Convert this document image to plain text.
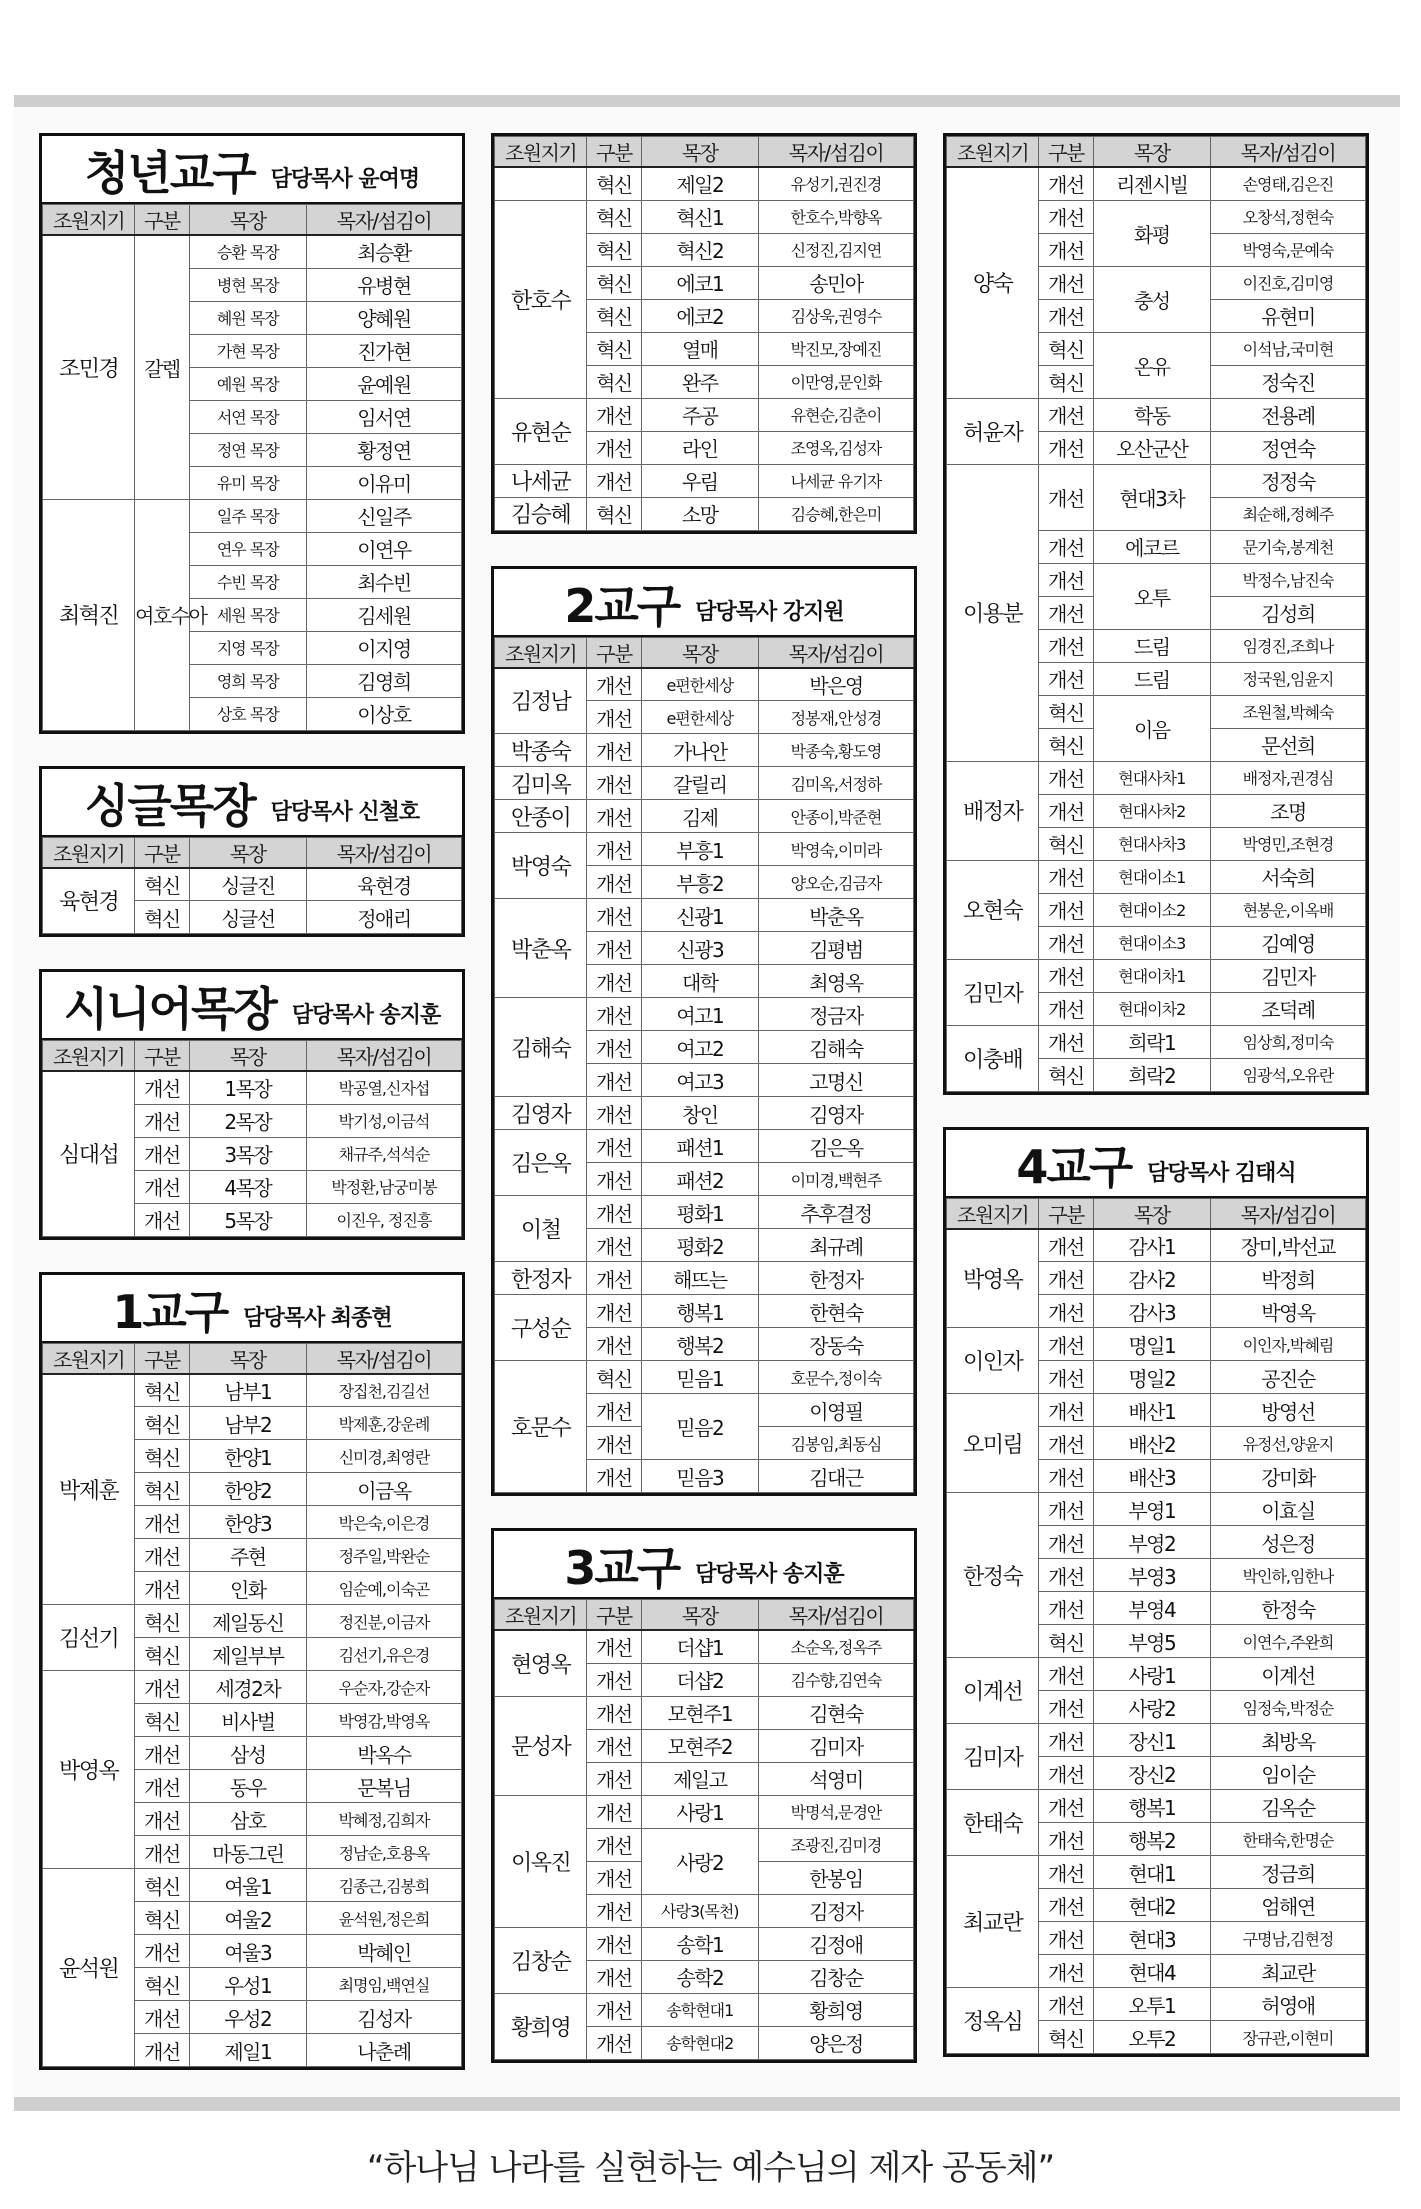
청년교구 담당목사 윤여명
조원지기	구분	목장	목자/섬김이
조민경	갈렙	승환 목장	최승환
		병현 목장	유병현
		혜원 목장	양혜원
		가현 목장	진가현
		예원 목장	윤예원
		서연 목장	임서연
		정연 목장	황정연
		유미 목장	이유미
최혁진	여호수아	일주 목장	신일주
		연우 목장	이연우
		수빈 목장	최수빈
		세원 목장	김세원
		지영 목장	이지영
		영희 목장	김영희
		상호 목장	이상호
싱글목장 담당목사 신철호
조원지기	구분	목장	목자/섬김이
육현경	혁신	싱글진	육현경
	혁신	싱글선	정애리
시니어목장 담당목사 송지훈
조원지기	구분	목장	목자/섬김이
심대섭	개선	1목장	박공열,신자섭
	개선	2목장	박기성,이금석
	개선	3목장	채규주,석석순
	개선	4목장	박정환,남궁미봉
	개선	5목장	이진우, 정진흥
1교구 담당목사 최종현
조원지기	구분	목장	목자/섬김이
박제훈	혁신	남부1	장집천,김길선
	혁신	남부2	박제훈,강운례
	혁신	한양1	신미경,최영란
	혁신	한양2	이금옥
	개선	한양3	박은숙,이은경
	개선	주현	정주일,박완순
	개선	인화	임순예,이숙곤
김선기	혁신	제일동신	정진분,이금자
	혁신	제일부부	김선기,유은경
박영옥	개선	세경2차	우순자,강순자
	혁신	비사벌	박영감,박영옥
	개선	삼성	박옥수
	개선	동우	문복님
	개선	삼호	박혜정,김희자
	개선	마동그린	정남순,호용옥
윤석원	혁신	여울1	김종근,김봉희
	혁신	여울2	윤석원,정은희
	개선	여울3	박혜인
	혁신	우성1	최명임,백연실
	개선	우성2	김성자
	개선	제일1	나춘례
조원지기	구분	목장	목자/섬김이
	혁신	제일2	유성기,권진경
한호수	혁신	혁신1	한호수,박향옥
	혁신	혁신2	신정진,김지연
	혁신	에코1	송민아
	혁신	에코2	김상욱,권영수
	혁신	열매	박진모,장예진
	혁신	완주	이만영,문인화
유현순	개선	주공	유현순,김춘이
	개선	라인	조영옥,김성자
나세균	개선	우림	나세균 유기자
김승혜	혁신	소망	김승혜,한은미
2교구 담당목사 강지원
조원지기	구분	목장	목자/섬김이
김정남	개선	e편한세상	박은영
	개선	e편한세상	정봉재,안성경
박종숙	개선	가나안	박종숙,황도영
김미옥	개선	갈릴리	김미옥,서정하
안종이	개선	김제	안종이,박준현
박영숙	개선	부흥1	박영숙,이미라
	개선	부흥2	양오순,김금자
박춘옥	개선	신광1	박춘옥
	개선	신광3	김평범
	개선	대학	최영옥
김해숙	개선	여고1	정금자
	개선	여고2	김해숙
	개선	여고3	고명신
김영자	개선	창인	김영자
김은옥	개선	패션1	김은옥
	개선	패션2	이미경,백현주
이철	개선	평화1	추후결정
	개선	평화2	최규례
한정자	개선	해뜨는	한정자
구성순	개선	행복1	한현숙
	개선	행복2	장동숙
호문수	혁신	믿음1	호문수,정이숙
	개선	믿음2	이영필
	개선		김봉임,최동심
	개선	믿음3	김대근
3교구 담당목사 송지훈
조원지기	구분	목장	목자/섬김이
현영옥	개선	더샵1	소순옥,정옥주
	개선	더샵2	김수향,김연숙
문성자	개선	모현주1	김현숙
	개선	모현주2	김미자
	개선	제일고	석영미
이옥진	개선	사랑1	박명석,문경안
	개선	사랑2	조광진,김미경
	개선		한봉임
	개선	사랑3(목천)	김정자
김창순	개선	송학1	김정애
	개선	송학2	김창순
황희영	개선	송학현대1	황희영
	개선	송학현대2	양은정
조원지기	구분	목장	목자/섬김이
양숙	개선	리젠시빌	손영태,김은진
	개선	화평	오창석,정현숙
	개선		박영숙,문예숙
	개선	충성	이진호,김미영
	개선		유현미
	혁신	온유	이석남,국미현
	혁신		정숙진
허윤자	개선	학동	전용례
	개선	오산군산	정연숙
이용분	개선	현대3차	정정숙
			최순해,정혜주
	개선	에코르	문기숙,봉계천
	개선	오투	박정수,남진숙
	개선		김성희
	개선	드림	임경진,조희나
	개선	드림	정국원,임윤지
	혁신	이음	조원철,박혜숙
	혁신		문선희
배정자	개선	현대사차1	배정자,권경심
	개선	현대사차2	조명
	혁신	현대사차3	박영민,조현경
오현숙	개선	현대이소1	서숙희
	개선	현대이소2	현봉운,이옥배
	개선	현대이소3	김예영
김민자	개선	현대이차1	김민자
	개선	현대이차2	조덕례
이충배	개선	희락1	임상희,정미숙
	혁신	희락2	임광석,오유란
4교구 담당목사 김태식
조원지기	구분	목장	목자/섬김이
박영옥	개선	감사1	장미,박선교
	개선	감사2	박정희
	개선	감사3	박영옥
이인자	개선	명일1	이인자,박혜림
	개선	명일2	공진순
오미림	개선	배산1	방영선
	개선	배산2	유정선,양윤지
	개선	배산3	강미화
한정숙	개선	부영1	이효실
	개선	부영2	성은정
	개선	부영3	박인하,임한나
	개선	부영4	한정숙
	혁신	부영5	이연수,주완희
이계선	개선	사랑1	이계선
	개선	사랑2	임정숙,박정순
김미자	개선	장신1	최방옥
	개선	장신2	임이순
한태숙	개선	행복1	김옥순
	개선	행복2	한태숙,한명순
최교란	개선	현대1	정금희
	개선	현대2	엄해연
	개선	현대3	구명남,김현정
	개선	현대4	최교란
정옥심	개선	오투1	허영애
	혁신	오투2	장규관,이현미
“하나님 나라를 실현하는 예수님의 제자 공동체”
